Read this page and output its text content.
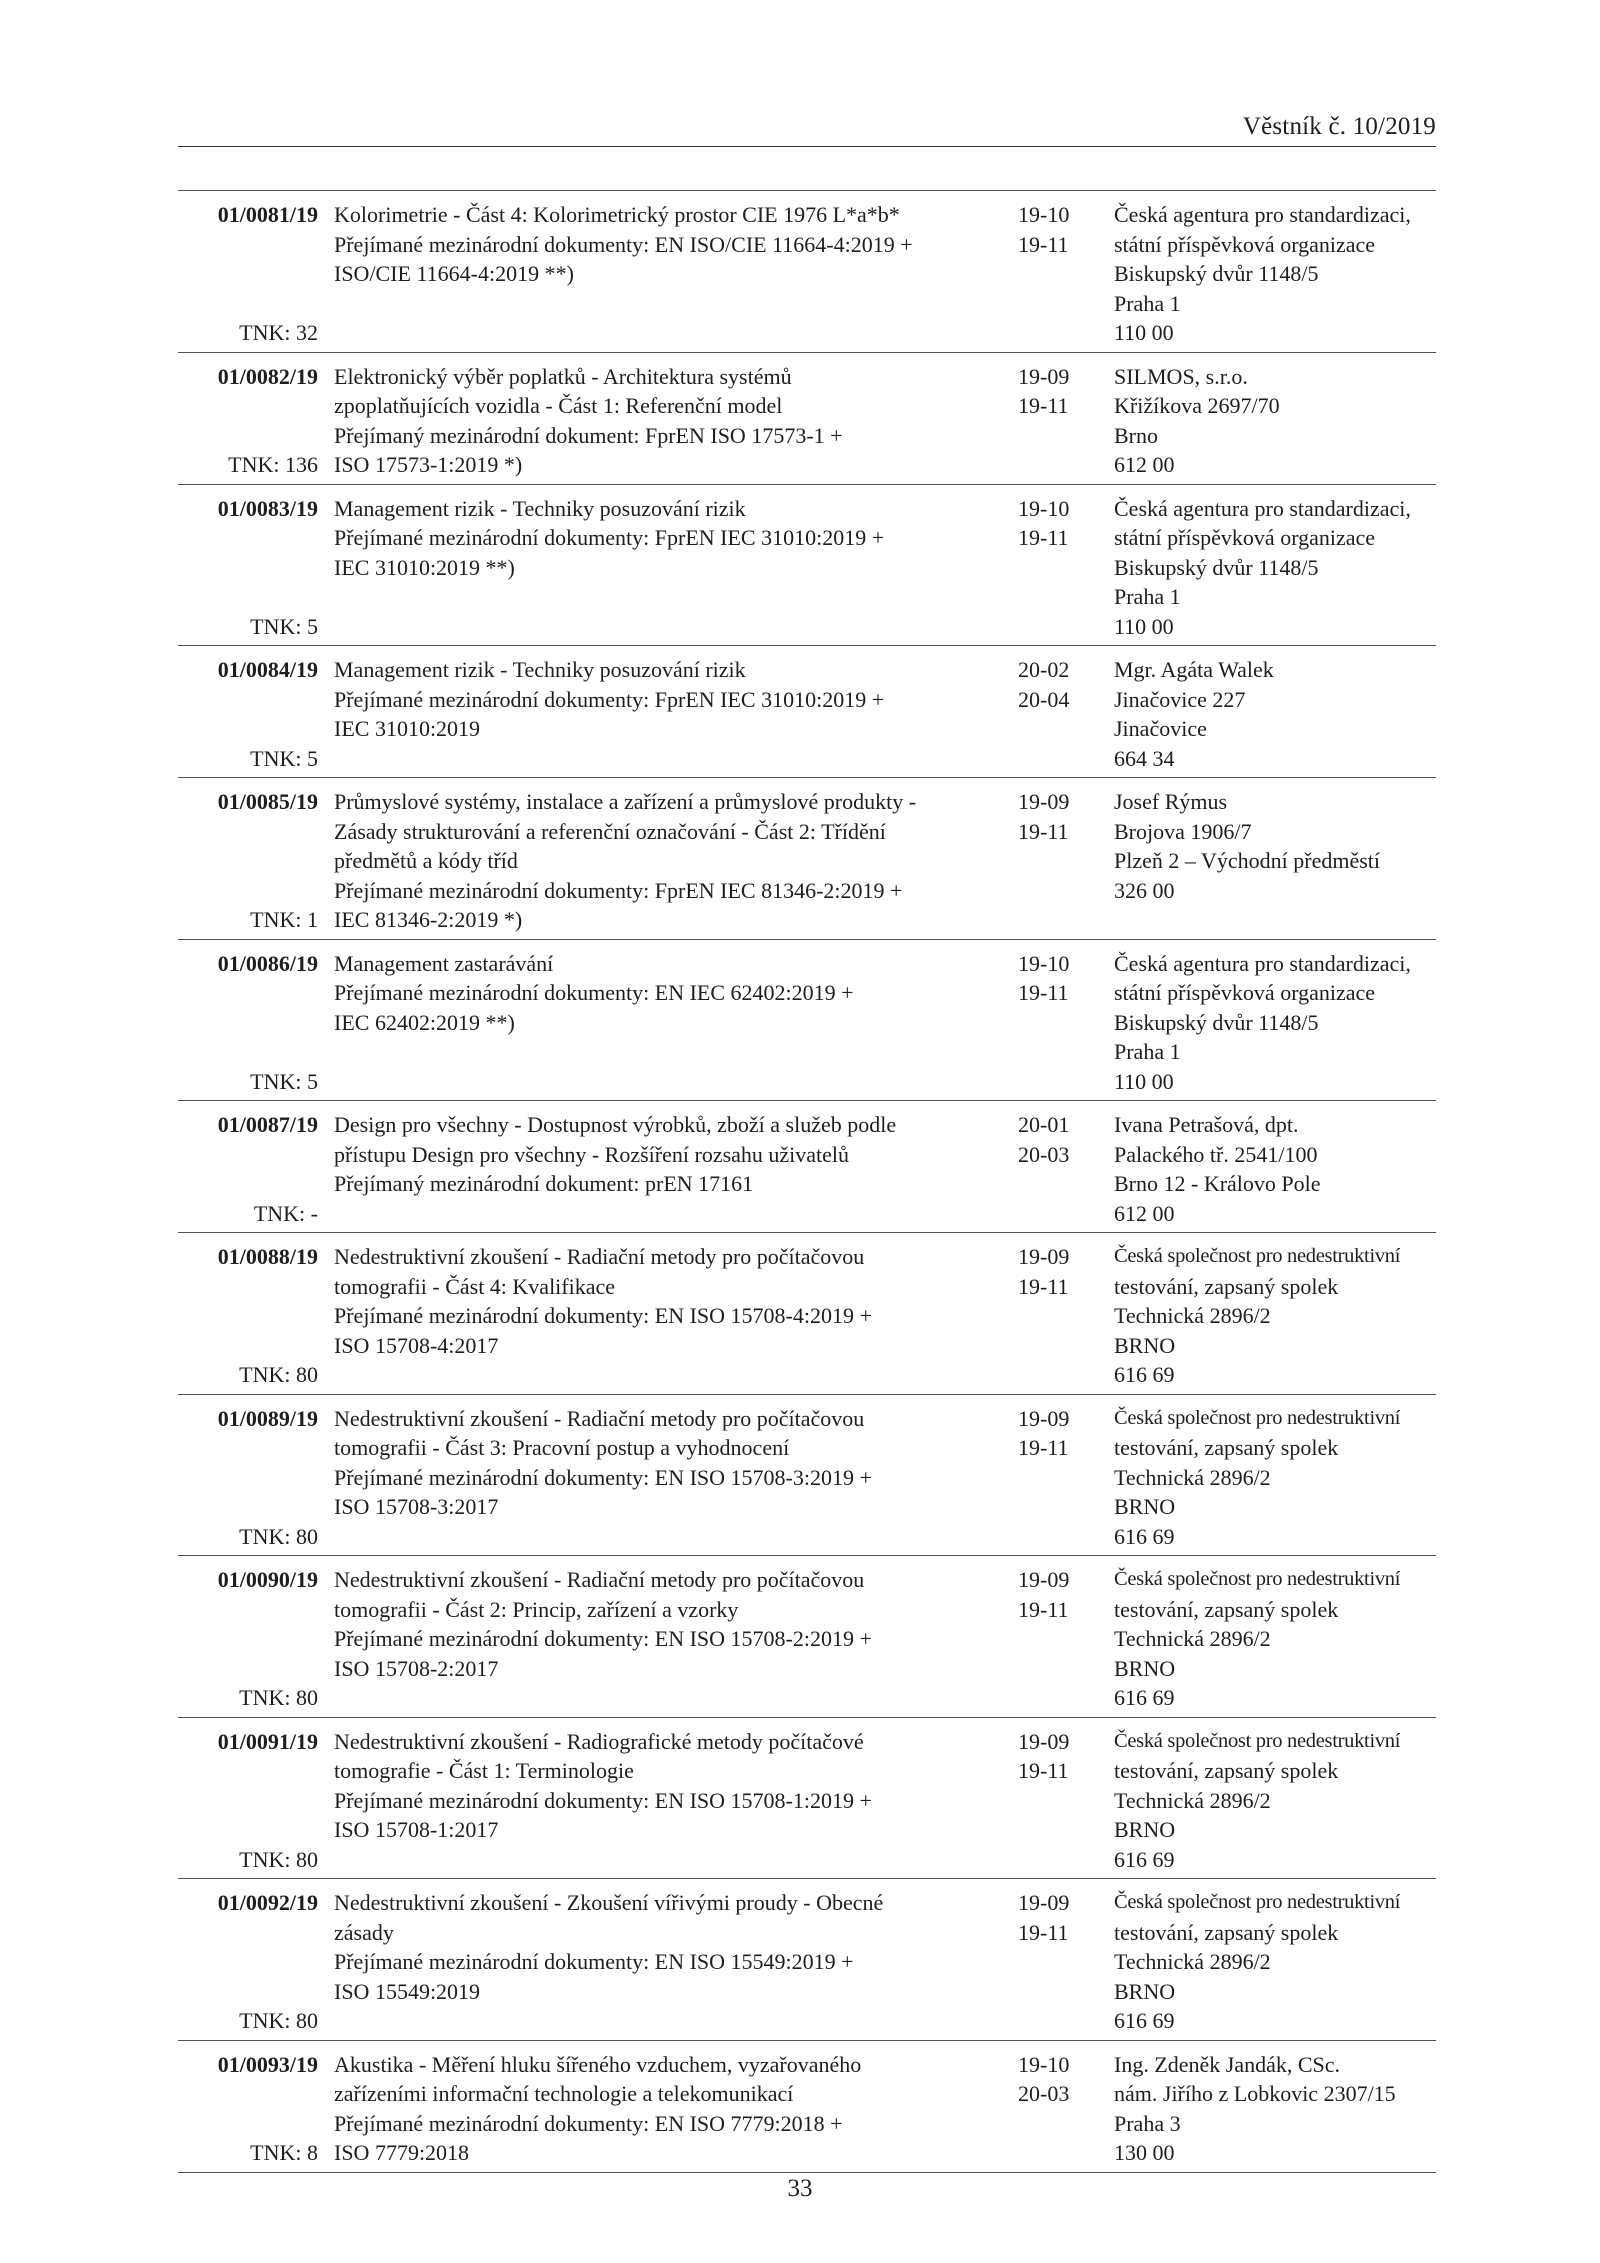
Věstník č. 10/2019
01/0081/19
TNK: 32
Kolorimetrie - Část 4: Kolorimetrický prostor CIE 1976 L*a*b*
Přejímané mezinárodní dokumenty: EN ISO/CIE 11664-4:2019 +
ISO/CIE 11664-4:2019 **)
19-10
19-11
Česká agentura pro standardizaci,
státní příspěvková organizace
Biskupský dvůr 1148/5
Praha 1
110 00
01/0082/19
TNK: 136
Elektronický výběr poplatků - Architektura systémů
zpoplatňujících vozidla - Část 1: Referenční model
Přejímaný mezinárodní dokument: FprEN ISO 17573-1 +
ISO 17573-1:2019 *)
19-09
19-11
SILMOS, s.r.o.
Křižíkova 2697/70
Brno
612 00
01/0083/19
TNK: 5
Management rizik - Techniky posuzování rizik
Přejímané mezinárodní dokumenty: FprEN IEC 31010:2019 +
IEC 31010:2019 **)
19-10
19-11
Česká agentura pro standardizaci,
státní příspěvková organizace
Biskupský dvůr 1148/5
Praha 1
110 00
01/0084/19
TNK: 5
Management rizik - Techniky posuzování rizik
Přejímané mezinárodní dokumenty: FprEN IEC 31010:2019 +
IEC 31010:2019
20-02
20-04
Mgr. Agáta Walek
Jinačovice 227
Jinačovice
664 34
01/0085/19
TNK: 1
Průmyslové systémy, instalace a zařízení a průmyslové produkty -
Zásady strukturování a referenční označování - Část 2: Třídění
předmětů a kódy tříd
Přejímané mezinárodní dokumenty: FprEN IEC 81346-2:2019 +
IEC 81346-2:2019 *)
19-09
19-11
Josef Rýmus
Brojova 1906/7
Plzeň 2 – Východní předměstí
326 00
01/0086/19
TNK: 5
Management zastarávání
Přejímané mezinárodní dokumenty: EN IEC 62402:2019 +
IEC 62402:2019 **)
19-10
19-11
Česká agentura pro standardizaci,
státní příspěvková organizace
Biskupský dvůr 1148/5
Praha 1
110 00
01/0087/19
TNK: -
Design pro všechny - Dostupnost výrobků, zboží a služeb podle
přístupu Design pro všechny - Rozšíření rozsahu uživatelů
Přejímaný mezinárodní dokument: prEN 17161
20-01
20-03
Ivana Petrašová, dpt.
Palackého tř. 2541/100
Brno 12 - Královo Pole
612 00
01/0088/19
TNK: 80
Nedestruktivní zkoušení - Radiační metody pro počítačovou
tomografii - Část 4: Kvalifikace
Přejímané mezinárodní dokumenty: EN ISO 15708-4:2019 +
ISO 15708-4:2017
19-09
19-11
Česká společnost pro nedestruktivní
testování, zapsaný spolek
Technická 2896/2
BRNO
616 69
01/0089/19
TNK: 80
Nedestruktivní zkoušení - Radiační metody pro počítačovou
tomografii - Část 3: Pracovní postup a vyhodnocení
Přejímané mezinárodní dokumenty: EN ISO 15708-3:2019 +
ISO 15708-3:2017
19-09
19-11
Česká společnost pro nedestruktivní
testování, zapsaný spolek
Technická 2896/2
BRNO
616 69
01/0090/19
TNK: 80
Nedestruktivní zkoušení - Radiační metody pro počítačovou
tomografii - Část 2: Princip, zařízení a vzorky
Přejímané mezinárodní dokumenty: EN ISO 15708-2:2019 +
ISO 15708-2:2017
19-09
19-11
Česká společnost pro nedestruktivní
testování, zapsaný spolek
Technická 2896/2
BRNO
616 69
01/0091/19
TNK: 80
Nedestruktivní zkoušení - Radiografické metody počítačové
tomografie - Část 1: Terminologie
Přejímané mezinárodní dokumenty: EN ISO 15708-1:2019 +
ISO 15708-1:2017
19-09
19-11
Česká společnost pro nedestruktivní
testování, zapsaný spolek
Technická 2896/2
BRNO
616 69
01/0092/19
TNK: 80
Nedestruktivní zkoušení - Zkoušení vířivými proudy - Obecné
zásady
Přejímané mezinárodní dokumenty: EN ISO 15549:2019 +
ISO 15549:2019
19-09
19-11
Česká společnost pro nedestruktivní
testování, zapsaný spolek
Technická 2896/2
BRNO
616 69
01/0093/19
TNK: 8
Akustika - Měření hluku šířeného vzduchem, vyzařovaného
zařízeními informační technologie a telekomunikací
Přejímané mezinárodní dokumenty: EN ISO 7779:2018 +
ISO 7779:2018
19-10
20-03
Ing. Zdeněk Jandák, CSc.
nám. Jiřího z Lobkovic 2307/15
Praha 3
130 00
33
